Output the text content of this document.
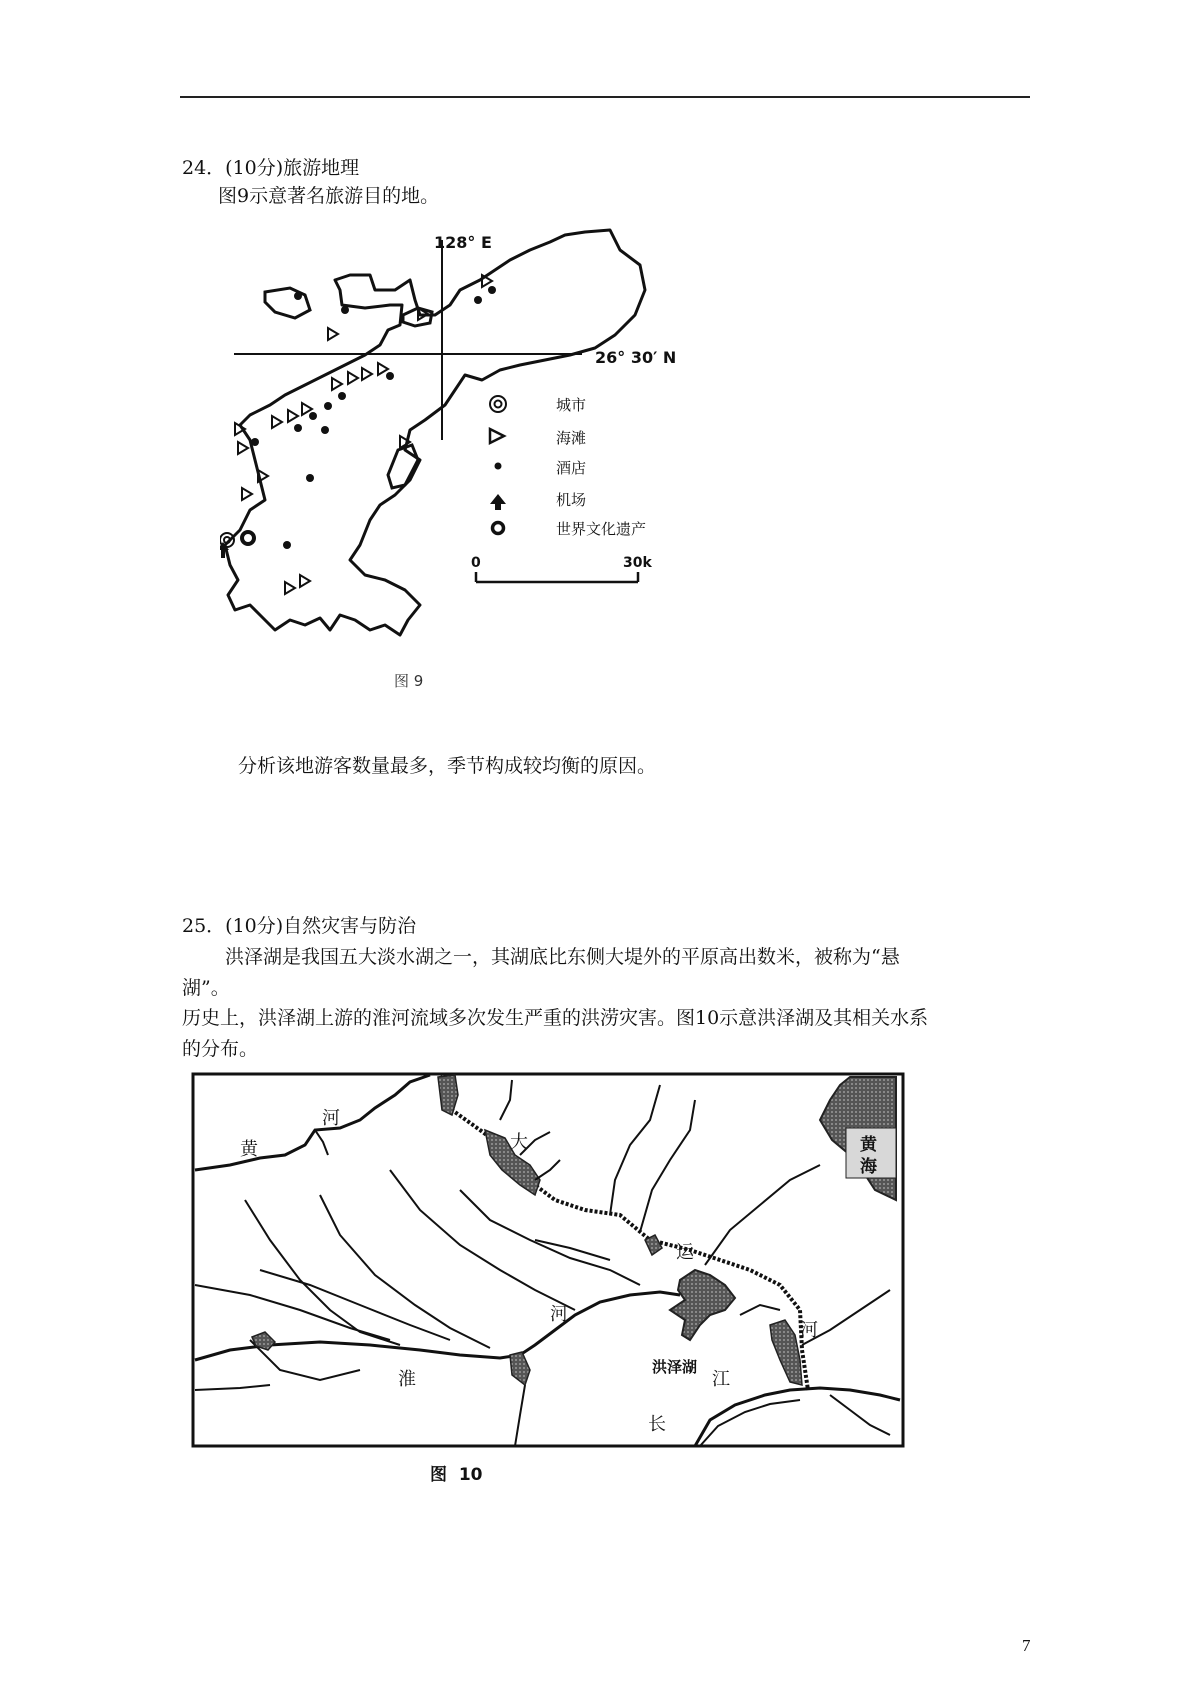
24．(10分)旅游地理
图9示意著名旅游目的地。
128° E
26° 30′ N
城市
海滩
酒店
机场
世界文化遗产
0	30k
图 9
分析该地游客数量最多，季节构成较均衡的原因。
25．(10分)自然灾害与防治
洪泽湖是我国五大淡水湖之一，其湖底比东侧大堤外的平原高出数米，被称为“悬
湖”。
历史上，洪泽湖上游的淮河流域多次发生严重的洪涝灾害。图10示意洪泽湖及其相关水系
的分布。
黄
海
洪泽湖
河
黄	大
运
河
河
江
淮
长
图  10
7
